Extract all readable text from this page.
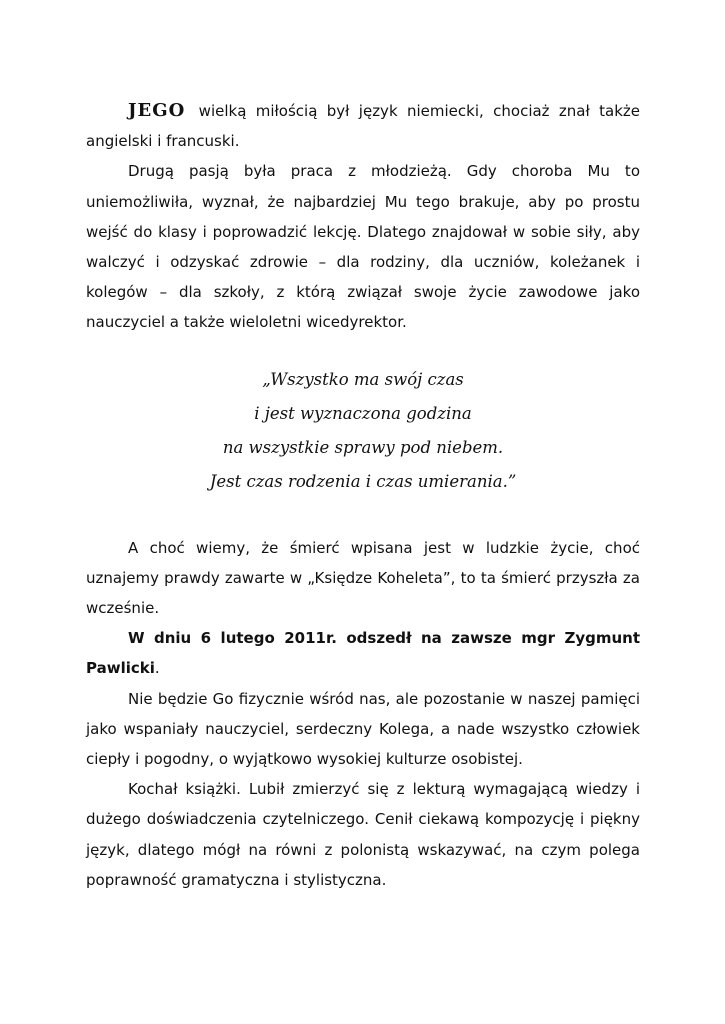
JEGO wielką miłością był język niemiecki, chociaż znał także angielski i francuski.

Drugą pasją była praca z młodzieżą. Gdy choroba Mu to uniemożliwiła, wyznał, że najbardziej Mu tego brakuje, aby po prostu wejść do klasy i poprowadzić lekcję. Dlatego znajdował w sobie siły, aby walczyć i odzyskać zdrowie – dla rodziny, dla uczniów, koleżanek i kolegów – dla szkoły, z którą związał swoje życie zawodowe jako nauczyciel a także wieloletni wicedyrektor.

„Wszystko ma swój czas
i jest wyznaczona godzina
na wszystkie sprawy pod niebem.
Jest czas rodzenia i czas umierania.”

A choć wiemy, że śmierć wpisana jest w ludzkie życie, choć uznajemy prawdy zawarte w „Księdze Koheleta”, to ta śmierć przyszła za wcześnie.

W dniu 6 lutego 2011r. odszedł na zawsze mgr Zygmunt Pawlicki.

Nie będzie Go fizycznie wśród nas, ale pozostanie w naszej pamięci jako wspaniały nauczyciel, serdeczny Kolega, a nade wszystko człowiek ciepły i pogodny, o wyjątkowo wysokiej kulturze osobistej.

Kochał książki. Lubił zmierzyć się z lekturą wymagającą wiedzy i dużego doświadczenia czytelniczego. Cenił ciekawą kompozycję i piękny język, dlatego mógł na równi z polonistą wskazywać, na czym polega poprawność gramatyczna i stylistyczna.
